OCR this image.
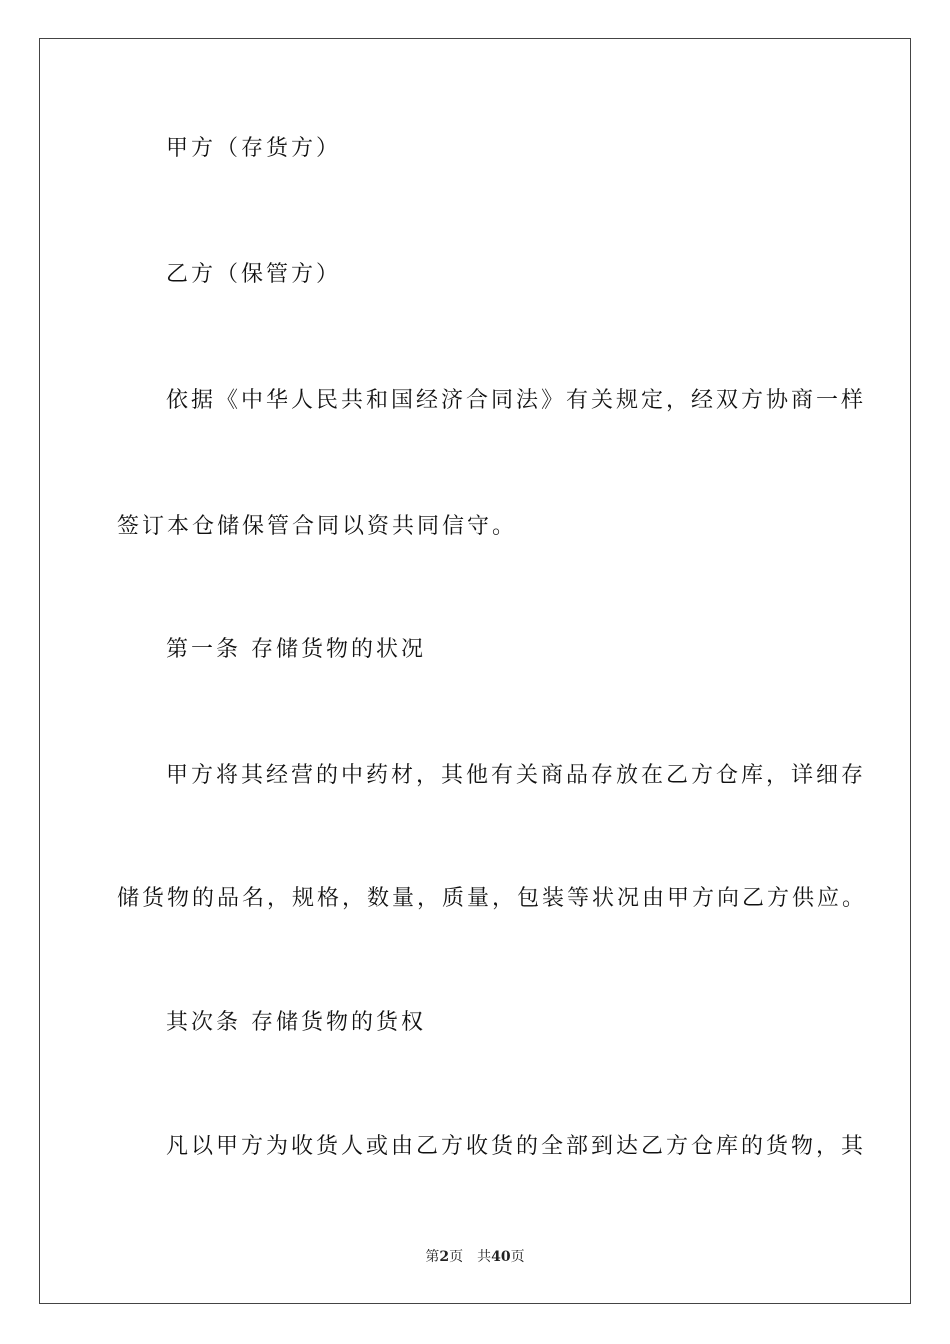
甲方（存货方）
乙方（保管方）
依据《中华人民共和国经济合同法》有关规定，经双方协商一样
签订本仓储保管合同以资共同信守。
第一条 存储货物的状况
甲方将其经营的中药材，其他有关商品存放在乙方仓库，详细存
储货物的品名，规格，数量，质量，包装等状况由甲方向乙方供应。
其次条 存储货物的货权
凡以甲方为收货人或由乙方收货的全部到达乙方仓库的货物，其
第2页 共40页
